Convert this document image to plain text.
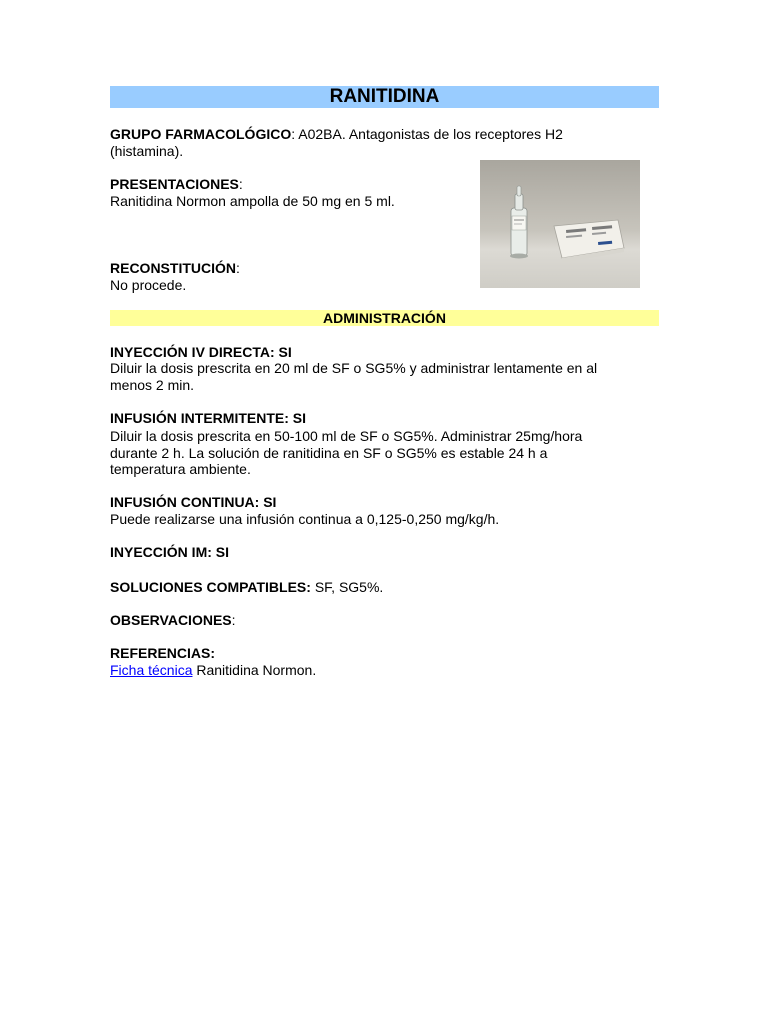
RANITIDINA
GRUPO FARMACOLÓGICO: A02BA. Antagonistas de los receptores H2
(histamina).
PRESENTACIONES:
Ranitidina Normon ampolla de 50 mg en 5 ml.
RECONSTITUCIÓN:
No procede.
ADMINISTRACIÓN
INYECCIÓN IV DIRECTA: SI
Diluir la dosis prescrita en 20 ml de SF o SG5% y administrar lentamente en al
menos 2 min.
INFUSIÓN INTERMITENTE: SI
Diluir la dosis prescrita en 50-100 ml de SF o SG5%. Administrar 25mg/hora
durante 2 h. La solución de ranitidina en SF o SG5% es estable 24 h a
temperatura ambiente.
INFUSIÓN CONTINUA: SI
Puede realizarse una infusión continua a 0,125-0,250 mg/kg/h.
INYECCIÓN IM: SI
SOLUCIONES COMPATIBLES: SF, SG5%.
OBSERVACIONES:
REFERENCIAS:
Ficha técnica Ranitidina Normon.
